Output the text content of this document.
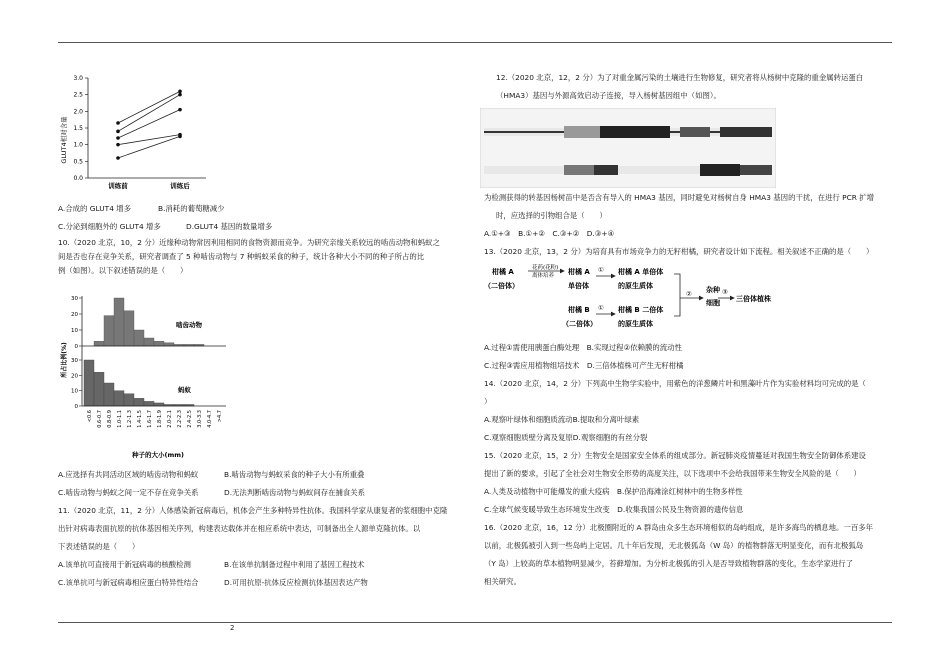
GLUT4相对含量
3.0
2.5
2.0
1.5
1.0
0.5
0.0
训练前	训练后
A.合成的 GLUT4 增多	B.消耗的葡萄糖减少
C.分泌到细胞外的 GLUT4 增多	D.GLUT4 基因的数量增多
10.（2020 北京，10，2 分）近缘种动物常因利用相同的食物资源而竞争。为研究亲缘关系较远的啮齿动物和蚂蚁之
间是否也存在竞争关系，研究者调查了 5 种啮齿动物与 7 种蚂蚁采食的种子，统计各种大小不同的种子所占的比
例（如图）。以下叙述错误的是（　　）
所占比例(%)
啮齿动物
蚂蚁
30
20
10
0
30
20
10
0
<0.6 0.6-0.7 0.8-0.9 1.0-1.1 1.2-1.3 1.4-1.5 1.6-1.7 1.8-1.9 2.0-2.1 2.2-2.3 2.4-2.5 3.0-3.3 4.0-4.7 >4.7
种子的大小(mm)
A.应选择有共同活动区域的啮齿动物和蚂蚁	B.啮齿动物与蚂蚁采食的种子大小有所重叠
C.啮齿动物与蚂蚁之间一定不存在竞争关系	D.无法判断啮齿动物与蚂蚁间存在捕食关系
11.（2020 北京，11，2 分）人体感染新冠病毒后，机体会产生多种特异性抗体。我国科学家从康复者的浆细胞中克隆
出针对病毒表面抗原的抗体基因相关序列，构建表达载体并在相应系统中表达，可制备出全人源单克隆抗体。以
下表述错误的是（　　）
A.该单抗可直接用于新冠病毒的核酸检测	B.在该单抗制备过程中利用了基因工程技术
C.该单抗可与新冠病毒相应蛋白特异性结合	D.可用抗原-抗体反应检测抗体基因表达产物
12.（2020 北京，12，2 分）为了对重金属污染的土壤进行生物修复，研究者将从杨树中克隆的重金属转运蛋白
（HMA3）基因与外源高效启动子连接，导入杨树基因组中（如图）。
为检测获得的转基因杨树苗中是否含有导入的 HMA3 基因，同时避免对杨树自身 HMA3 基因的干扰，在进行 PCR 扩增
时，应选择的引物组合是（　　）
A.①+③　B.①+②　C.③+②　D.③+④
13.（2020 北京，13，2 分）为培育具有市场竞争力的无籽柑橘，研究者设计如下流程。相关叙述不正确的是（　　）
柑橘 A
（二倍体）
花药(花粉)
离体培养 柑橘 A
单倍体
① 柑橘 A 单倍体
的原生质体
② 杂种
细胞
③
三倍体植株
柑橘 B
（二倍体）
① 柑橘 B 二倍体
的原生质体
A.过程①需使用胰蛋白酶处理　B.实现过程②依赖膜的流动性
C.过程③需应用植物组培技术　D.三倍体植株可产生无籽柑橘
14.（2020 北京，14，2 分）下列高中生物学实验中，用紫色的洋葱鳞片叶和黑藻叶片作为实验材料均可完成的是（
）
A.观察叶绿体和细胞质流动B.提取和分离叶绿素
C.观察细胞质壁分离及复原D.观察细胞的有丝分裂
15.（2020 北京，15，2 分）生物安全是国家安全体系的组成部分。新冠肺炎疫情蔓延对我国生物安全防御体系建设
提出了新的要求，引起了全社会对生物安全形势的高度关注，以下选项中不会给我国带来生物安全风险的是（　　）
A.人类及动植物中可能爆发的重大疫病　B.保护沿海滩涂红树林中的生物多样性
C.全球气候变暖导致生态环境发生改变　D.收集我国公民及生物资源的遗传信息
16.（2020 北京，16，12 分）北极圈附近的 A 群岛由众多生态环境相似的岛屿组成，是许多海鸟的栖息地。一百多年
以前，北极狐被引入到一些岛屿上定居。几十年后发现，无北极狐岛（W 岛）的植物群落无明显变化，而有北极狐岛
（Y 岛）上较高的草本植物明显减少，苔藓增加。为分析北极狐的引入是否导致植物群落的变化，生态学家进行了
相关研究。
2
